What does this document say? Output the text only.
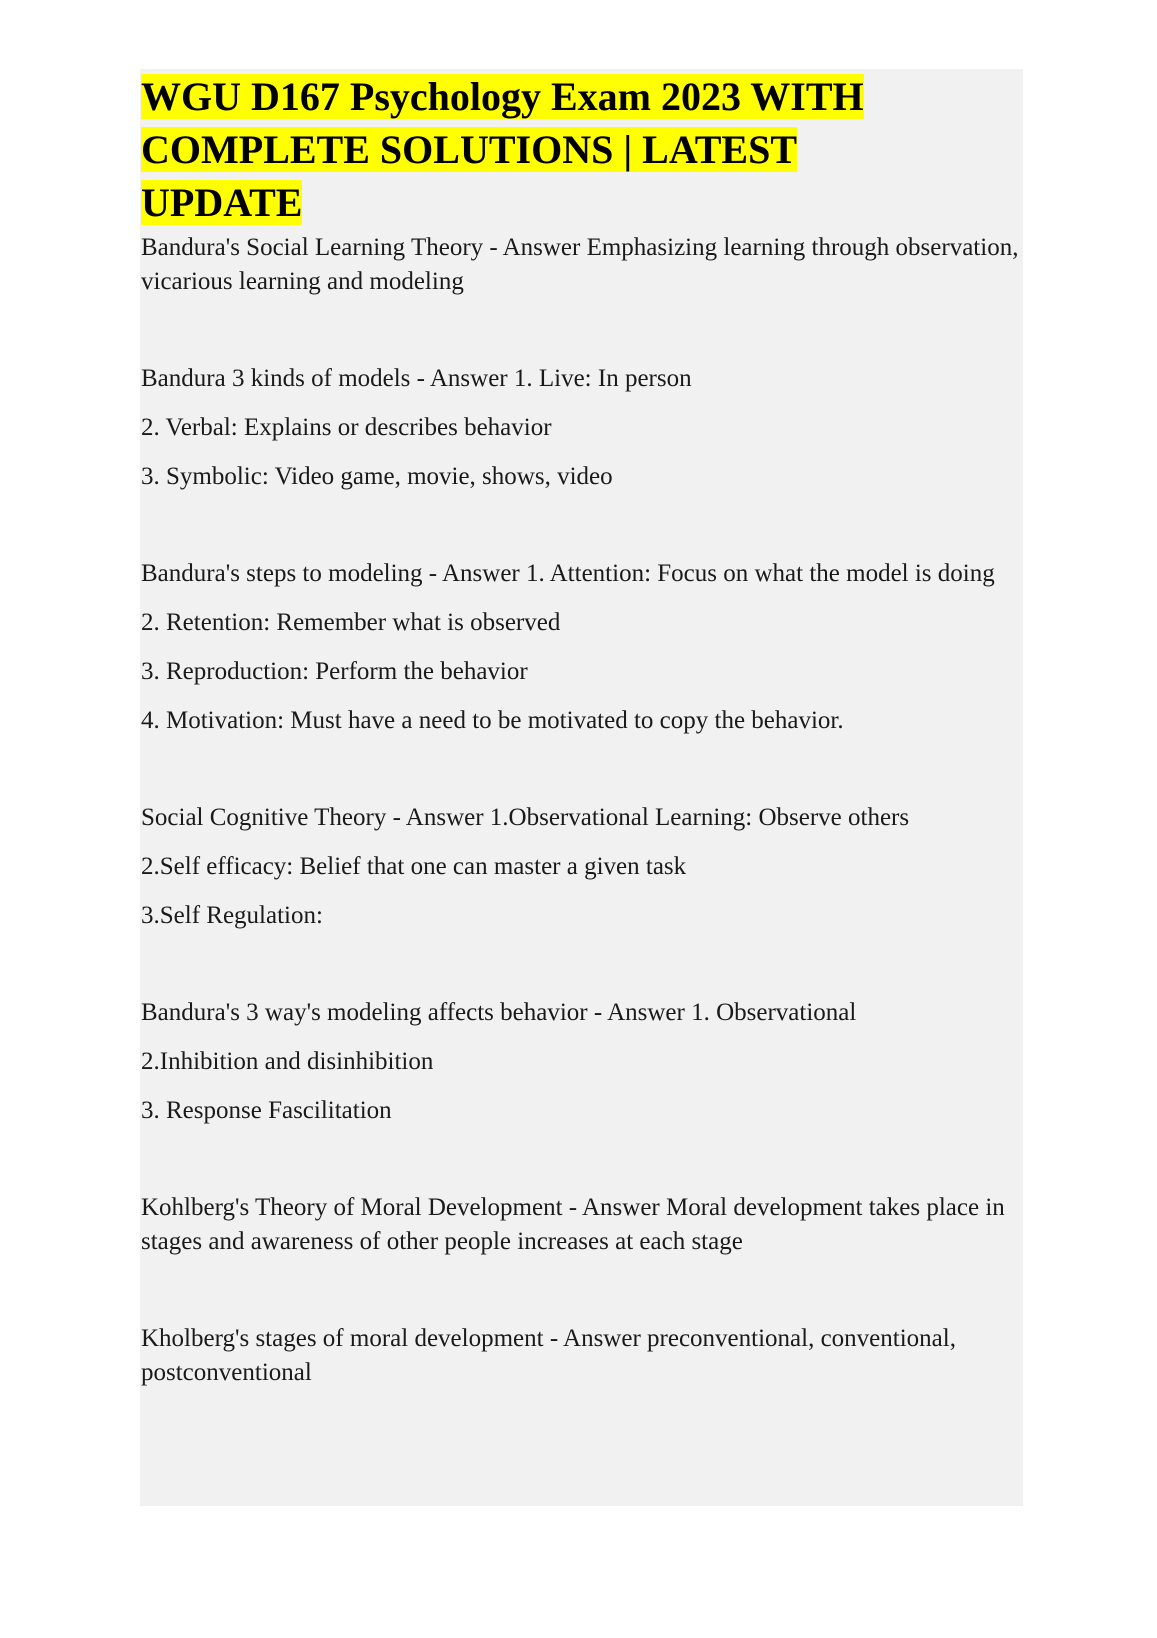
WGU D167 Psychology Exam 2023 WITH
COMPLETE SOLUTIONS | LATEST
UPDATE

Bandura's Social Learning Theory - Answer Emphasizing learning through observation, vicarious learning and modeling

Bandura 3 kinds of models - Answer 1. Live: In person

2. Verbal: Explains or describes behavior

3. Symbolic: Video game, movie, shows, video

Bandura's steps to modeling - Answer 1. Attention: Focus on what the model is doing

2. Retention: Remember what is observed

3. Reproduction: Perform the behavior

4. Motivation: Must have a need to be motivated to copy the behavior.

Social Cognitive Theory - Answer 1.Observational Learning: Observe others

2.Self efficacy: Belief that one can master a given task

3.Self Regulation:

Bandura's 3 way's modeling affects behavior - Answer 1. Observational

2.Inhibition and disinhibition

3. Response Fascilitation

Kohlberg's Theory of Moral Development - Answer Moral development takes place in stages and awareness of other people increases at each stage

Kholberg's stages of moral development - Answer preconventional, conventional, postconventional
